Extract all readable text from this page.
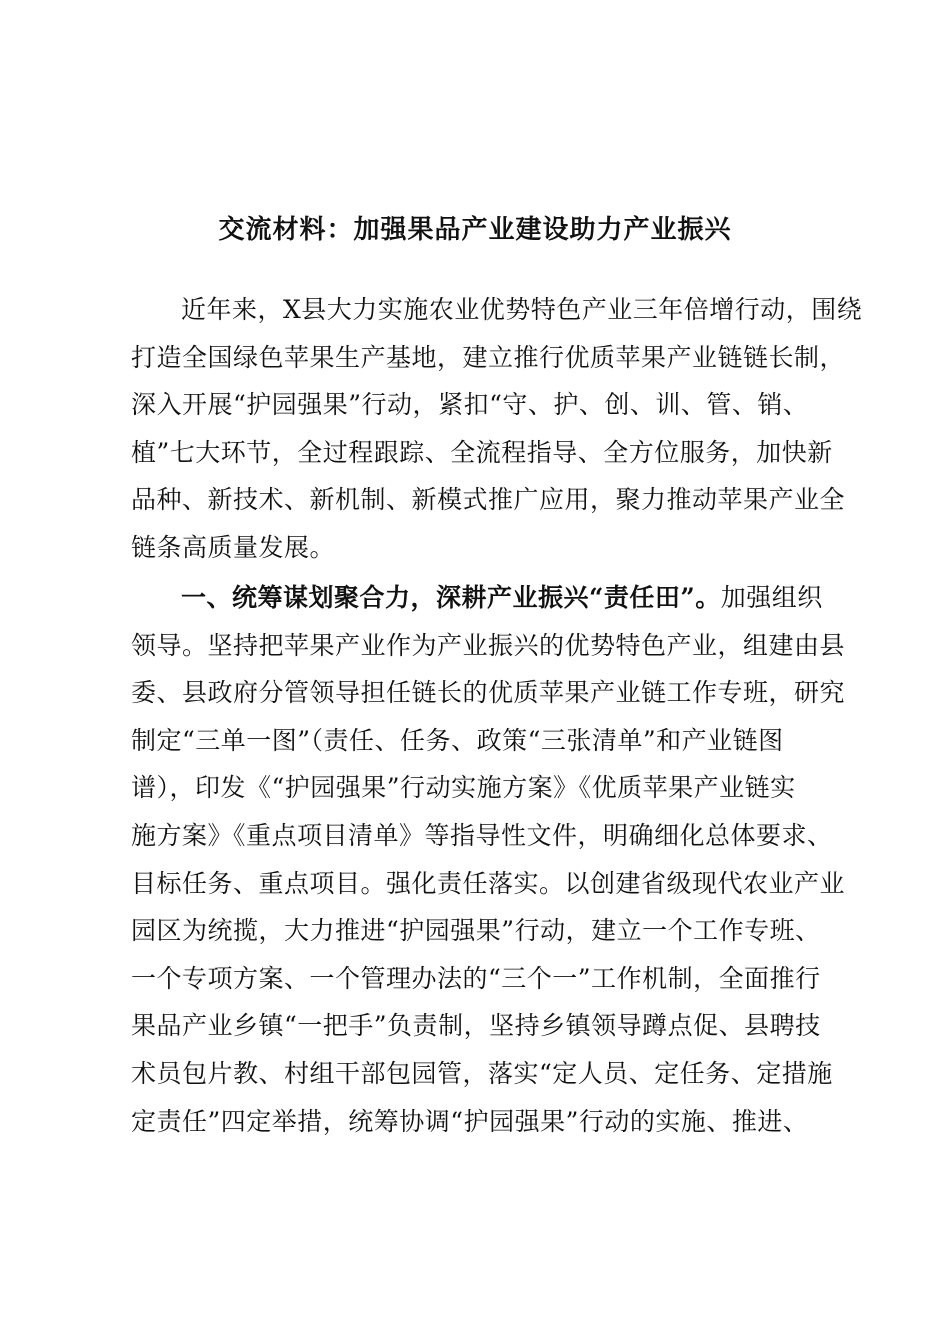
交流材料：加强果品产业建设助力产业振兴
近年来，X县大力实施农业优势特色产业三年倍增行动，围绕
打造全国绿色苹果生产基地，建立推行优质苹果产业链链长制，
深入开展“护园强果”行动，紧扣“守、护、创、训、管、销、
植”七大环节，全过程跟踪、全流程指导、全方位服务，加快新
品种、新技术、新机制、新模式推广应用，聚力推动苹果产业全
链条高质量发展。
一、统筹谋划聚合力，深耕产业振兴“责任田”。加强组织
领导。坚持把苹果产业作为产业振兴的优势特色产业，组建由县
委、县政府分管领导担任链长的优质苹果产业链工作专班，研究
制定“三单一图”（责任、任务、政策“三张清单”和产业链图
谱），印发《“护园强果”行动实施方案》《优质苹果产业链实
施方案》《重点项目清单》等指导性文件，明确细化总体要求、
目标任务、重点项目。强化责任落实。以创建省级现代农业产业
园区为统揽，大力推进“护园强果”行动，建立一个工作专班、
一个专项方案、一个管理办法的“三个一”工作机制，全面推行
果品产业乡镇“一把手”负责制，坚持乡镇领导蹲点促、县聘技
术员包片教、村组干部包园管，落实“定人员、定任务、定措施
定责任”四定举措，统筹协调“护园强果”行动的实施、推进、
